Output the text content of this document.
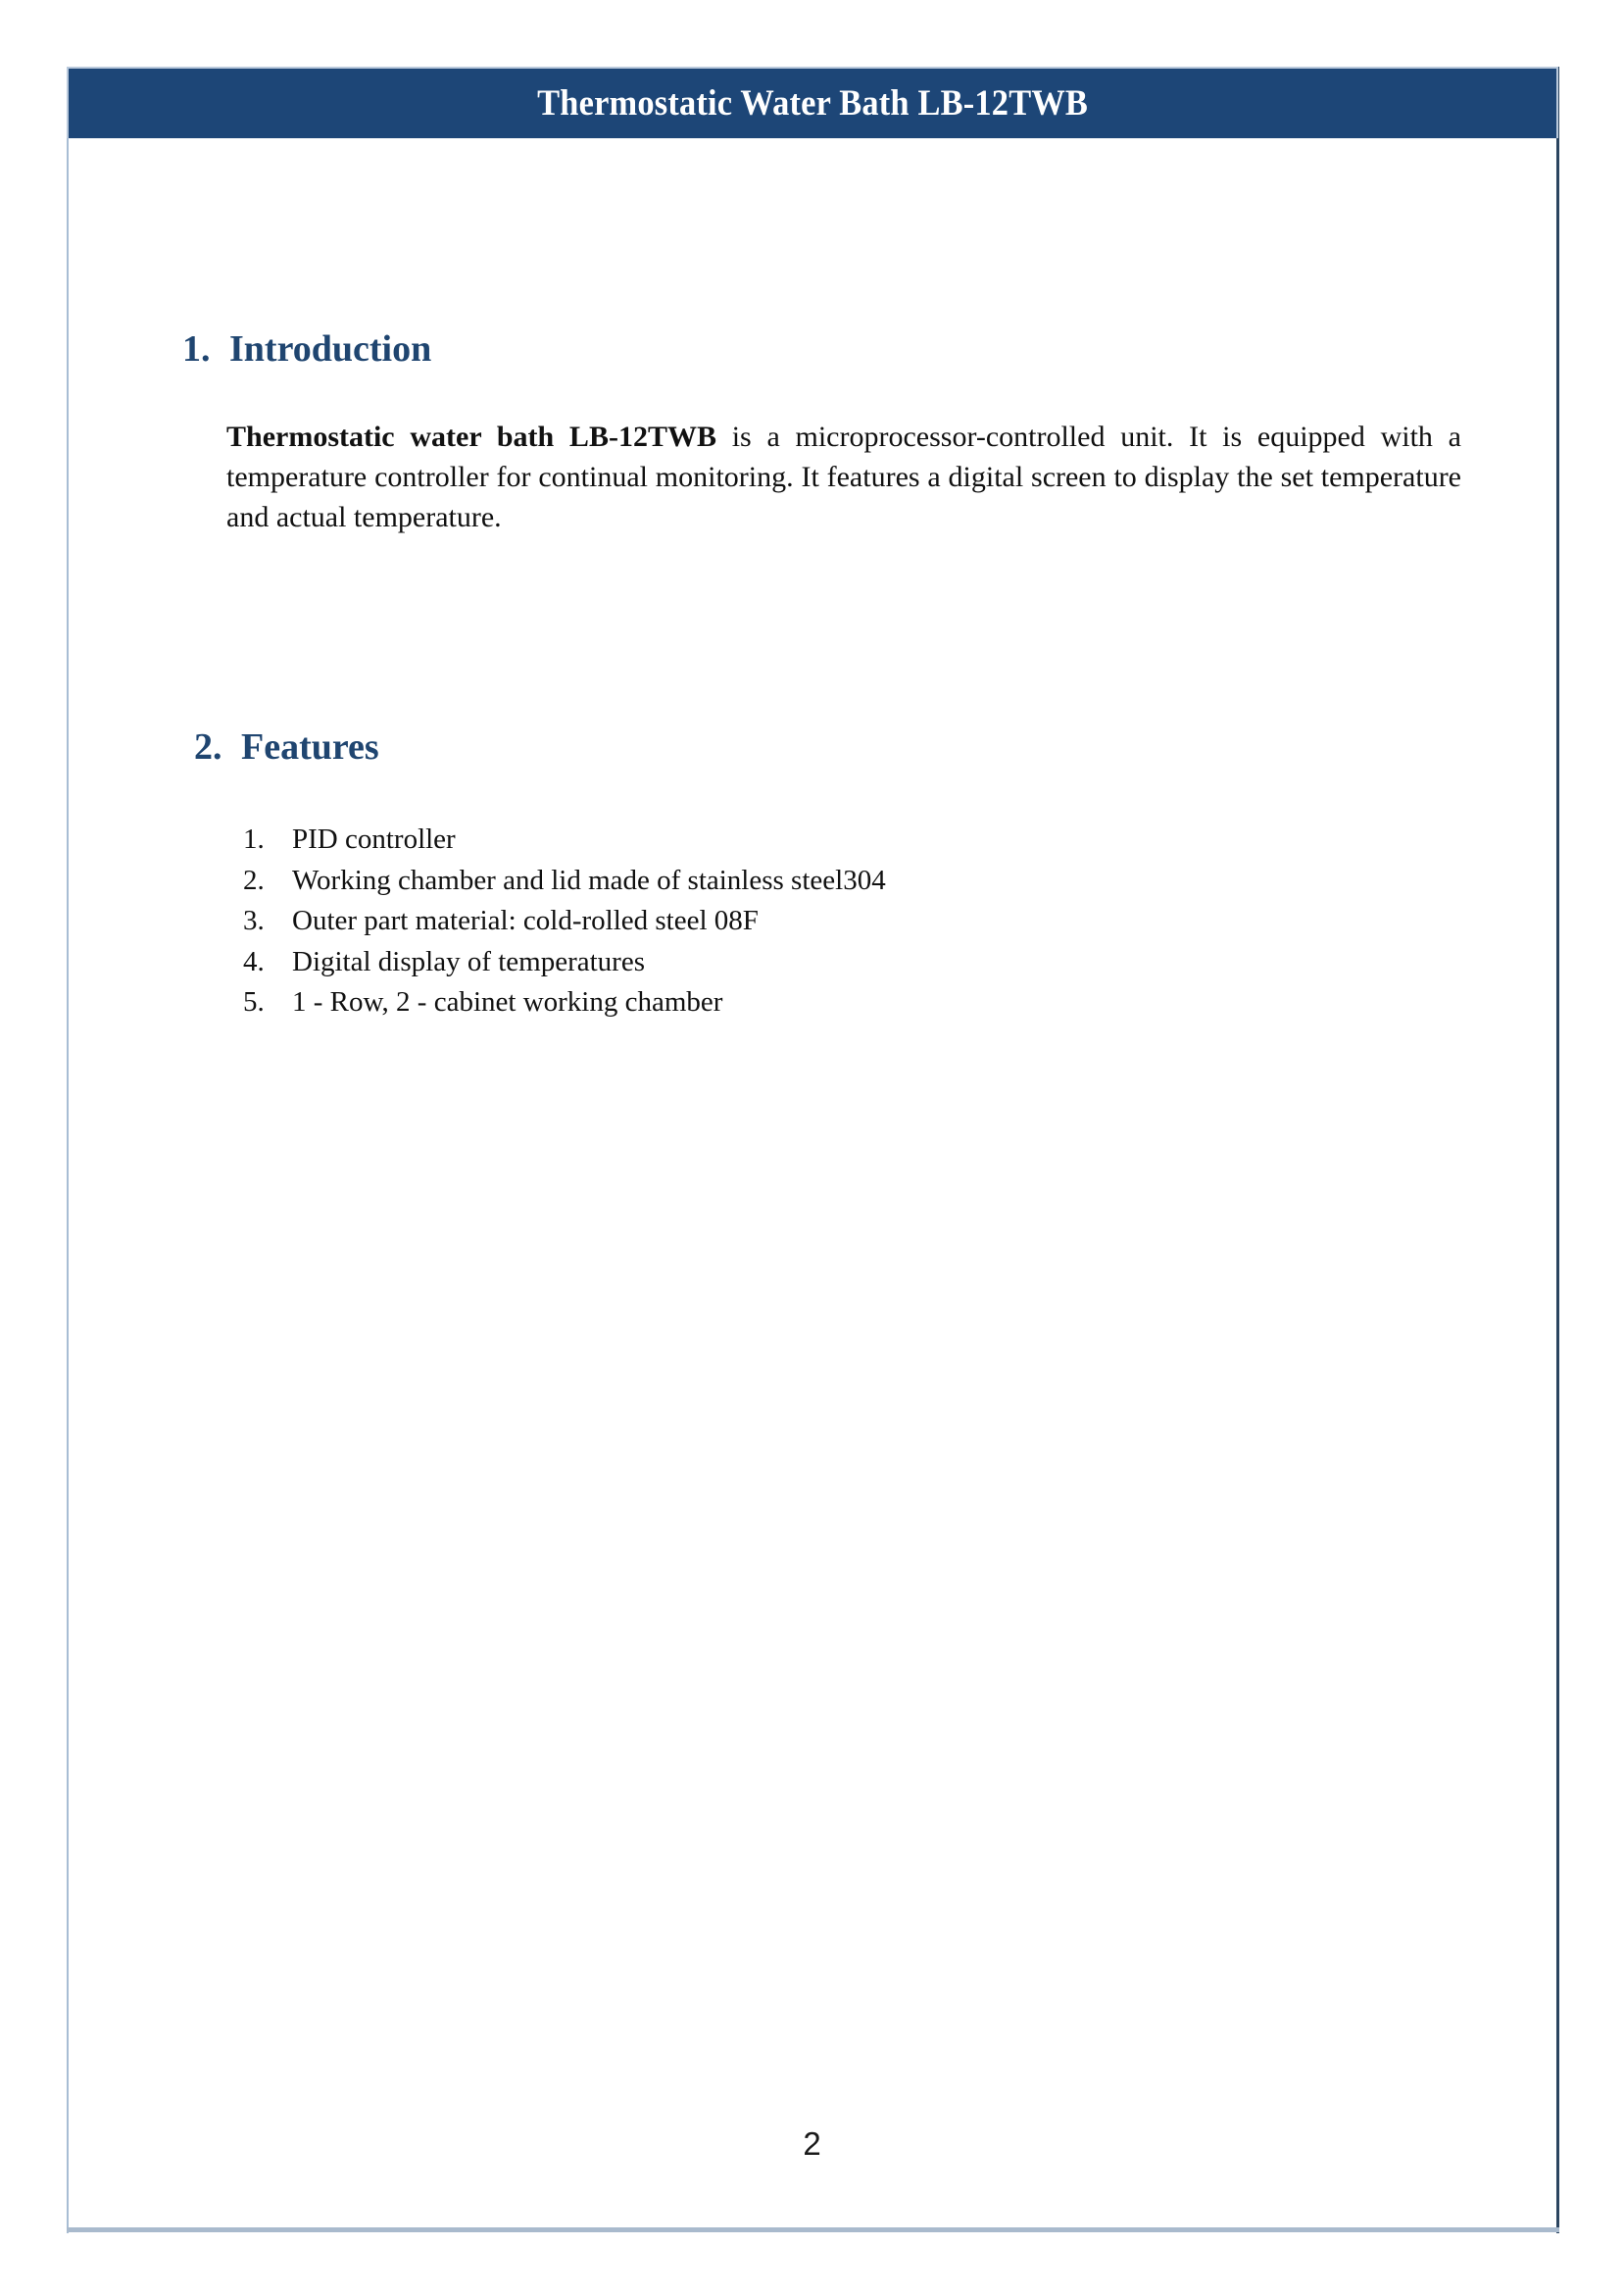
Thermostatic Water Bath LB-12TWB
1. Introduction
Thermostatic water bath LB-12TWB is a microprocessor-controlled unit. It is equipped with a temperature controller for continual monitoring. It features a digital screen to display the set temperature and actual temperature.
2. Features
1. PID controller
2. Working chamber and lid made of stainless steel304
3. Outer part material: cold-rolled steel 08F
4. Digital display of temperatures
5. 1 - Row, 2 - cabinet working chamber
2
